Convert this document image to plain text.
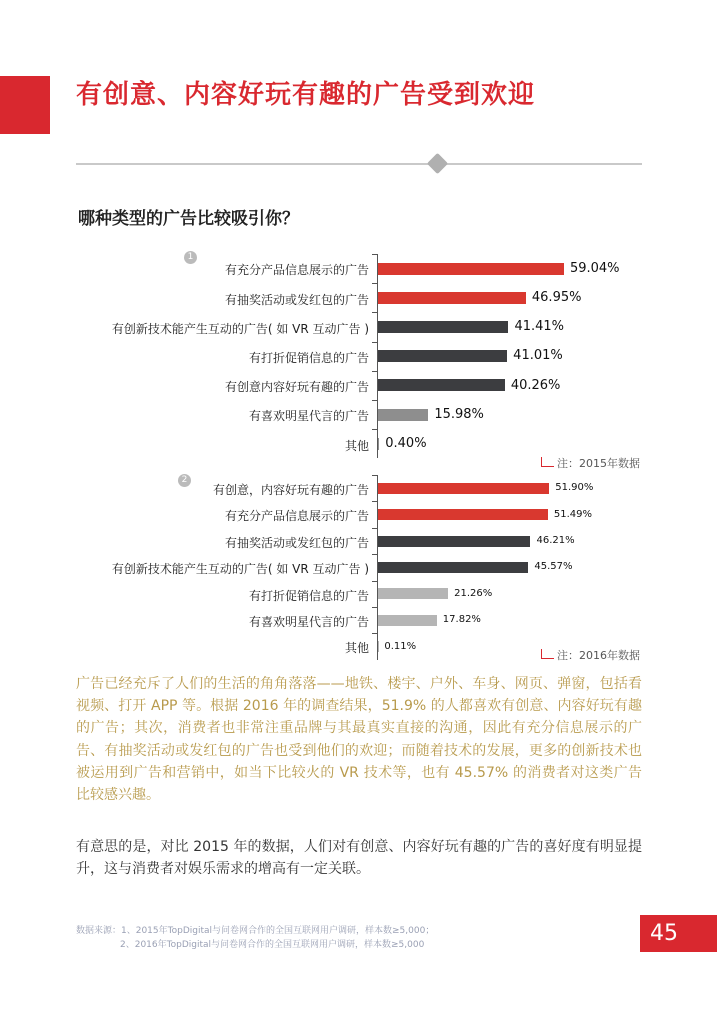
有创意、内容好玩有趣的广告受到欢迎
哪种类型的广告比较吸引你？
1
有充分产品信息展示的广告	59.04%
有抽奖活动或发红包的广告	46.95%
有创新技术能产生互动的广告( 如 VR 互动广告 )	41.41%
有打折促销信息的广告	41.01%
有创意内容好玩有趣的广告	40.26%
有喜欢明星代言的广告	15.98%
其他 0.40%
注：2015年数据
2
有创意，内容好玩有趣的广告	51.90%
有充分产品信息展示的广告	51.49%
有抽奖活动或发红包的广告	46.21%
有创新技术能产生互动的广告( 如 VR 互动广告 )	45.57%
有打折促销信息的广告	21.26%
有喜欢明星代言的广告	17.82%
其他 0.11%
注：2016年数据

广告已经充斥了人们的生活的角角落落——地铁、楼宇、户外、车身、网页、弹窗，包括看视频、打开 APP 等。根据 2016 年的调查结果，51.9% 的人都喜欢有创意、内容好玩有趣的广告；其次，消费者也非常注重品牌与其最真实直接的沟通，因此有充分信息展示的广告、有抽奖活动或发红包的广告也受到他们的欢迎；而随着技术的发展，更多的创新技术也被运用到广告和营销中，如当下比较火的 VR 技术等，也有 45.57% 的消费者对这类广告比较感兴趣。

有意思的是，对比 2015 年的数据，人们对有创意、内容好玩有趣的广告的喜好度有明显提升，这与消费者对娱乐需求的增高有一定关联。

数据来源：1、2015年TopDigital与问卷网合作的全国互联网用户调研，样本数≥5,000；
2、2016年TopDigital与问卷网合作的全国互联网用户调研，样本数≥5,000	45
